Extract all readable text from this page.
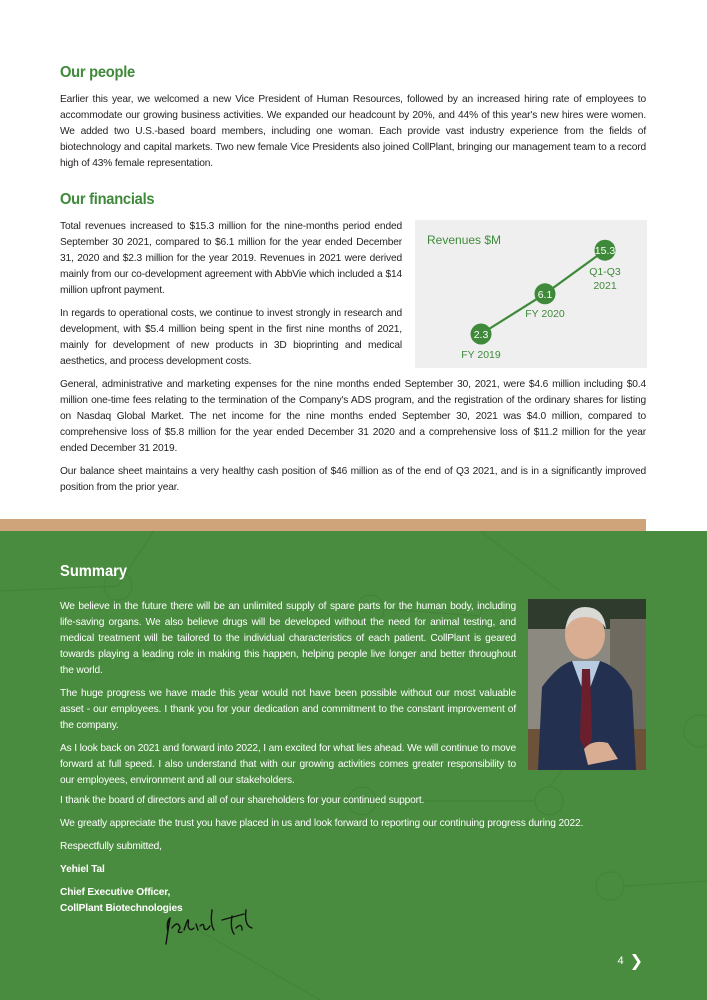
Our people

Earlier this year, we welcomed a new Vice President of Human Resources, followed by an increased hiring rate of employees to accommodate our growing business activities. We expanded our headcount by 20%, and 44% of this year's new hires were women. We added two U.S.-based board members, including one woman. Each provide vast industry experience from the fields of biotechnology and capital markets. Two new female Vice Presidents also joined CollPlant, bringing our management team to a record high of 43% female representation.

Our financials

Total revenues increased to $15.3 million for the nine-months period ended September 30 2021, compared to $6.1 million for the year ended December 31, 2020 and $2.3 million for the year 2019. Revenues in 2021 were derived mainly from our co-development agreement with AbbVie which included a $14 million upfront payment.

In regards to operational costs, we continue to invest strongly in research and development, with $5.4 million being spent in the first nine months of 2021, mainly for development of new products in 3D bioprinting and medical aesthetics, and process development costs.

Revenues $M
2.3
FY 2019
6.1
FY 2020
15.3
Q1-Q3
2021

General, administrative and marketing expenses for the nine months ended September 30, 2021, were $4.6 million including $0.4 million one-time fees relating to the termination of the Company's ADS program, and the registration of the ordinary shares for listing on Nasdaq Global Market. The net income for the nine months ended September 30, 2021 was $4.0 million, compared to comprehensive loss of $5.8 million for the year ended December 31 2020 and a comprehensive loss of $11.2 million for the year ended December 31 2019.

Our balance sheet maintains a very healthy cash position of $46 million as of the end of Q3 2021, and is in a significantly improved position from the prior year.

Summary

We believe in the future there will be an unlimited supply of spare parts for the human body, including life-saving organs. We also believe drugs will be developed without the need for animal testing, and medical treatment will be tailored to the individual characteristics of each patient. CollPlant is geared towards playing a leading role in making this happen, helping people live longer and better throughout the world.

The huge progress we have made this year would not have been possible without our most valuable asset - our employees. I thank you for your dedication and commitment to the constant improvement of the company.

As I look back on 2021 and forward into 2022, I am excited for what lies ahead. We will continue to move forward at full speed. I also understand that with our growing activities comes greater responsibility to our employees, environment and all our stakeholders.

I thank the board of directors and all of our shareholders for your continued support.

We greatly appreciate the trust you have placed in us and look forward to reporting our continuing progress during 2022.

Respectfully submitted,

Yehiel Tal

Chief Executive Officer,
CollPlant Biotechnologies
4 ❯
